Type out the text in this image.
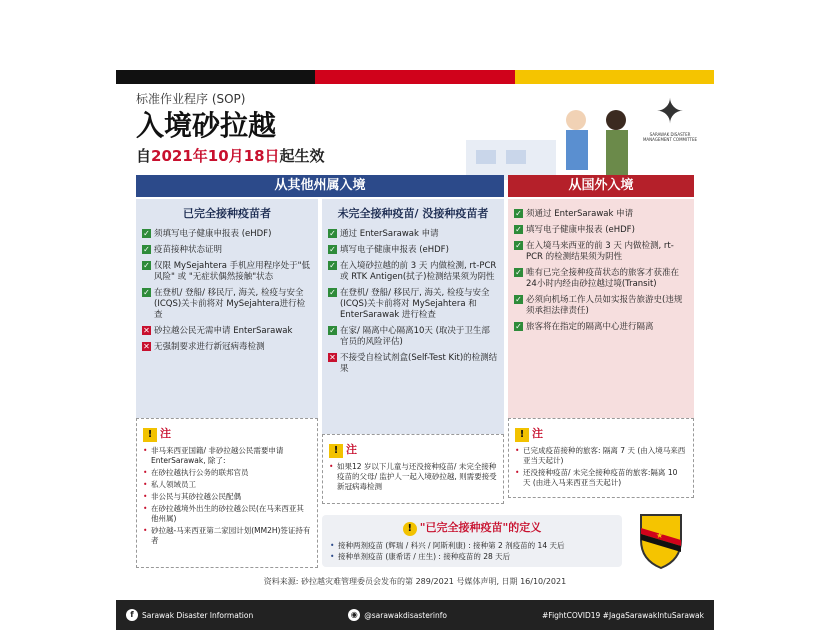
标准作业程序 (SOP)
入境砂拉越
自2021年10月18日起生效
✦
SARAWAK DISASTER MANAGEMENT COMMITTEE
从其他州属入境	从国外入境
已完全接种疫苗者
✓ 须填写电子健康申报表 (eHDF)
✓ 疫苗接种状态证明
✓ 仅限 MySejahtera 手机应用程序处于"低风险" 或 "无症状偶然接触"状态
✓ 在登机/ 登船/ 移民厅, 海关, 检疫与安全(ICQS)关卡前将对 MySejahtera进行检查
✕ 砂拉越公民无需申请 EnterSarawak
✕ 无强制要求进行新冠病毒检测
未完全接种疫苗/ 没接种疫苗者
✓ 通过 EnterSarawak 申请
✓ 填写电子健康申报表 (eHDF)
✓ 在入境砂拉越的前 3 天 内做检测, rt-PCR 或 RTK Antigen(拭子)检测结果须为阴性
✓ 在登机/ 登船/ 移民厅, 海关, 检疫与安全(ICQS)关卡前将对 MySejahtera 和 EnterSarawak 进行检查
✓ 在家/ 隔离中心隔离10天 (取决于卫生部官员的风险评估)
✕ 不接受自检试剂盒(Self-Test Kit)的检测结果
✓ 须通过 EnterSarawak 申请
✓ 填写电子健康申报表 (eHDF)
✓ 在入境马来西亚的前 3 天 内做检测, rt-PCR 的检测结果须为阴性
✓ 唯有已完全接种疫苗状态的旅客才获准在24小时内经由砂拉越过境(Transit)
✓ 必须向机场工作人员如实报告旅游史(违规须承担法律责任)
✓ 旅客将在指定的隔离中心进行隔离
! 注
• 非马来西亚国籍/ 非砂拉越公民需要申请 EnterSarawak, 除了:
• 在砂拉越执行公务的联邦官员
• 私人领域员工
• 非公民与其砂拉越公民配偶
• 在砂拉越境外出生的砂拉越公民(在马来西亚其他州属)
• 砂拉越-马来西亚第二家园计划(MM2H)签证持有者
! 注
• 如果12 岁以下儿童与还没接种疫苗/ 未完全接种疫苗的父母/ 监护人一起入境砂拉越, 则需要接受新冠病毒检测
! 注
• 已完成疫苗接种的旅客: 隔离 7 天 (由入境马来西亚当天起计)
• 还没接种疫苗/ 未完全接种疫苗的旅客:隔离 10 天 (由进入马来西亚当天起计)
! "已完全接种疫苗"的定义
• 接种两剂疫苗 (辉瑞 / 科兴 / 阿斯利康) : 接种第 2 剂疫苗的 14 天后
• 接种单剂疫苗 (康希诺 / 庄生) : 接种疫苗的 28 天后
★
资料来源: 砂拉越灾难管理委员会发布的第 289/2021 号媒体声明, 日期 16/10/2021
f	Sarawak Disaster Information	◉ @sarawakdisasterinfo	#FightCOVID19 #JagaSarawakIntuSarawak
